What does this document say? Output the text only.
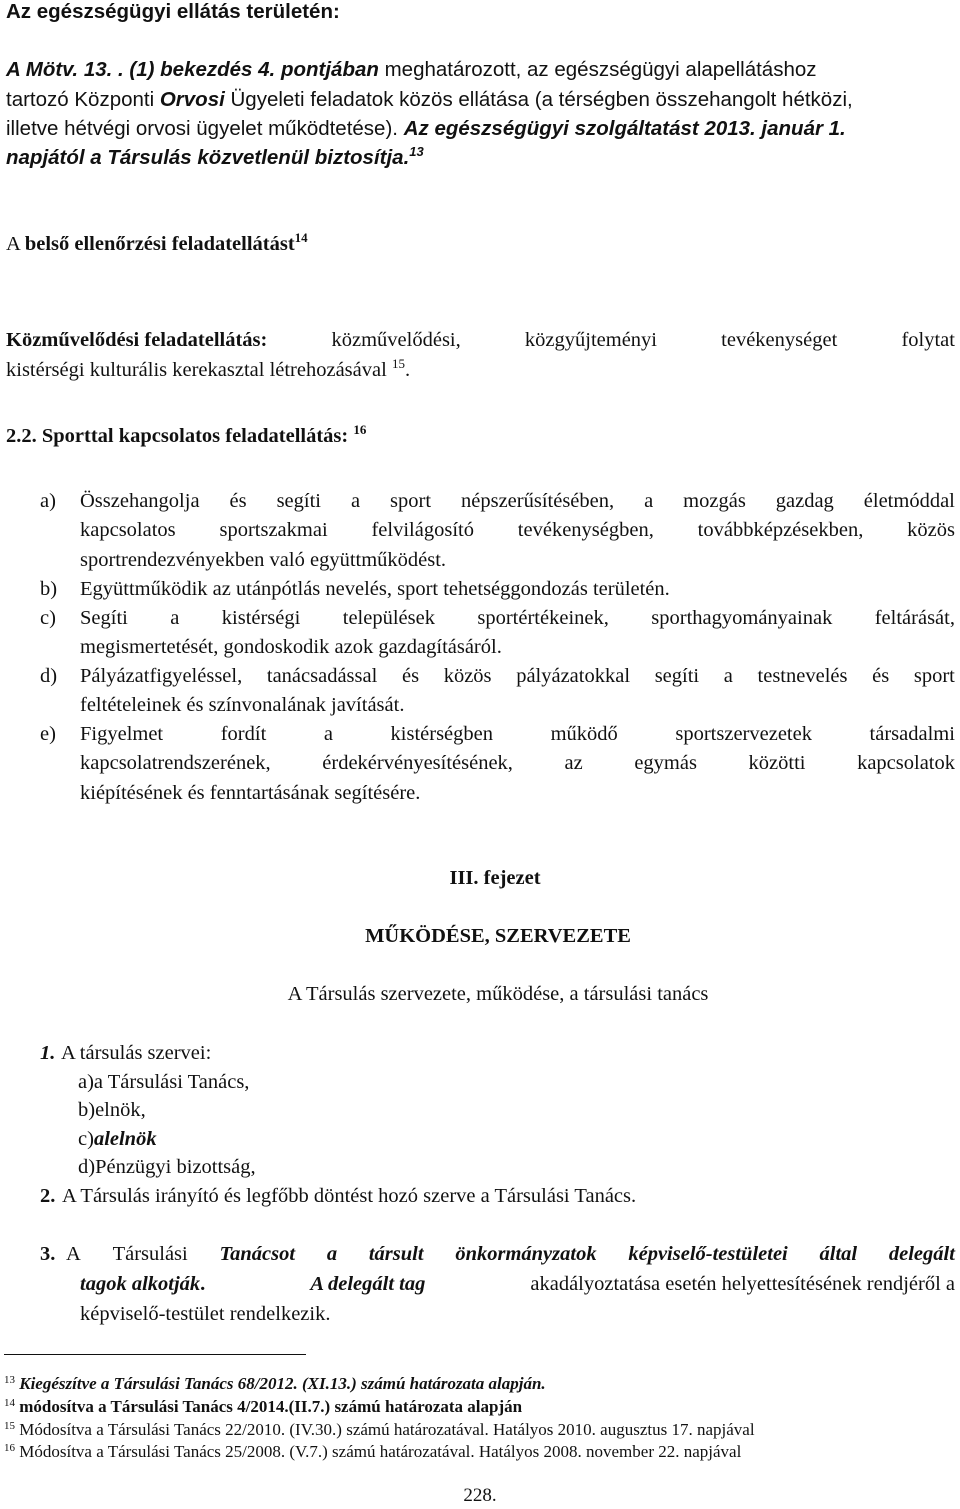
Az egészségügyi ellátás területén:
A Mötv. 13. . (1) bekezdés 4. pontjában meghatározott, az egészségügyi alapellátáshoz
tartozó Központi Orvosi Ügyeleti feladatok közös ellátása (a térségben összehangolt hétközi,
illetve hétvégi orvosi ügyelet működtetése). Az egészségügyi szolgáltatást 2013. január 1.
napjától a Társulás közvetlenül biztosítja.$^{13}$
A belső ellenőrzési feladatellátást$^{14}$
Közművelődési feladatellátás:	közművelődési,	közgyűjteményi	tevékenységet	folytat
kistérségi kulturális kerekasztal létrehozásával $^{15}$.
2.2. Sporttal kapcsolatos feladatellátás: $^{16}$
a) Összehangolja és segíti a sport népszerűsítésében, a mozgás gazdag életmóddal
kapcsolatos sportszakmai felvilágosító tevékenységben, továbbképzésekben, közös
sportrendezvényekben való együttműködést.
b) Együttműködik az utánpótlás nevelés, sport tehetséggondozás területén.
c) Segíti a kistérségi települések sportértékeinek, sporthagyományainak feltárását,
megismertetését, gondoskodik azok gazdagításáról.
d) Pályázatfigyeléssel, tanácsadással és közös pályázatokkal segíti a testnevelés és sport
feltételeinek és színvonalának javítását.
e) Figyelmet	fordít	a	kistérségben	működő	sportszervezetek	társadalmi
kapcsolatrendszerének,	érdekérvényesítésének,	az	egymás	közötti	kapcsolatok
kiépítésének és fenntartásának segítésére.
III. fejezet
MŰKÖDÉSE, SZERVEZETE
A Társulás szervezete, működése, a társulási tanács
1. A társulás szervei:
a)a Társulási Tanács,
b)elnök,
c)alelnök
d)Pénzügyi bizottság,
2. A Társulás irányító és legfőbb döntést hozó szerve a Társulási Tanács.
3. A Társulási Tanácsot a társult önkormányzatok képviselő-testületei által delegált
tagok alkotják.	A delegált tag	akadályoztatása esetén helyettesítésének rendjéről a
képviselő-testület rendelkezik.
$^{13}$ Kiegészítve a Társulási Tanács 68/2012. (XI.13.) számú határozata alapján.
$^{14}$ módosítva a Társulási Tanács 4/2014.(II.7.) számú határozata alapján
$^{15}$ Módosítva a Társulási Tanács 22/2010. (IV.30.) számú határozatával. Hatályos 2010. augusztus 17. napjával
$^{16}$ Módosítva a Társulási Tanács 25/2008. (V.7.) számú határozatával. Hatályos 2008. november 22. napjával
228.
